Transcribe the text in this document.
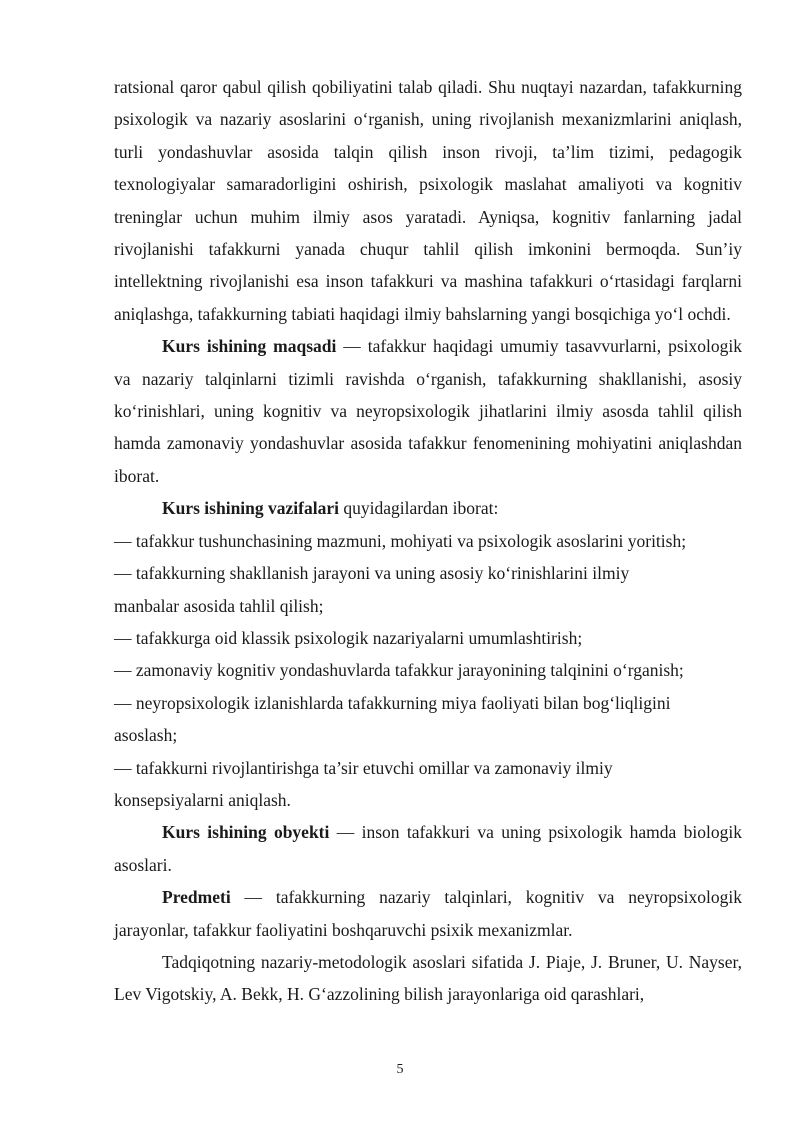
ratsional qaror qabul qilish qobiliyatini talab qiladi. Shu nuqtayi nazardan, tafakkurning psixologik va nazariy asoslarini o‘rganish, uning rivojlanish mexanizmlarini aniqlash, turli yondashuvlar asosida talqin qilish inson rivoji, ta’lim tizimi, pedagogik texnologiyalar samaradorligini oshirish, psixologik maslahat amaliyoti va kognitiv treninglar uchun muhim ilmiy asos yaratadi. Ayniqsa, kognitiv fanlarning jadal rivojlanishi tafakkurni yanada chuqur tahlil qilish imkonini bermoqda. Sun’iy intellektning rivojlanishi esa inson tafakkuri va mashina tafakkuri o‘rtasidagi farqlarni aniqlashga, tafakkurning tabiati haqidagi ilmiy bahslarning yangi bosqichiga yo‘l ochdi.

Kurs ishining maqsadi — tafakkur haqidagi umumiy tasavvurlarni, psixologik va nazariy talqinlarni tizimli ravishda o‘rganish, tafakkurning shakllanishi, asosiy ko‘rinishlari, uning kognitiv va neyropsixologik jihatlarini ilmiy asosda tahlil qilish hamda zamonaviy yondashuvlar asosida tafakkur fenomenining mohiyatini aniqlashdan iborat.

Kurs ishining vazifalari quyidagilardan iborat:

— tafakkur tushunchasining mazmuni, mohiyati va psixologik asoslarini yoritish;

— tafakkurning shakllanish jarayoni va uning asosiy ko‘rinishlarini ilmiy manbalar asosida tahlil qilish;

— tafakkurga oid klassik psixologik nazariyalarni umumlashtirish;

— zamonaviy kognitiv yondashuvlarda tafakkur jarayonining talqinini o‘rganish;

— neyropsixologik izlanishlarda tafakkurning miya faoliyati bilan bog‘liqligini asoslash;

— tafakkurni rivojlantirishga ta’sir etuvchi omillar va zamonaviy ilmiy konsepsiyalarni aniqlash.

Kurs ishining obyekti — inson tafakkuri va uning psixologik hamda biologik asoslari.

Predmeti — tafakkurning nazariy talqinlari, kognitiv va neyropsixologik jarayonlar, tafakkur faoliyatini boshqaruvchi psixik mexanizmlar.

Tadqiqotning nazariy-metodologik asoslari sifatida J. Piaje, J. Bruner, U. Nayser, Lev Vigotskiy, A. Bekk, H. G‘azzolining bilish jarayonlariga oid qarashlari,

5
